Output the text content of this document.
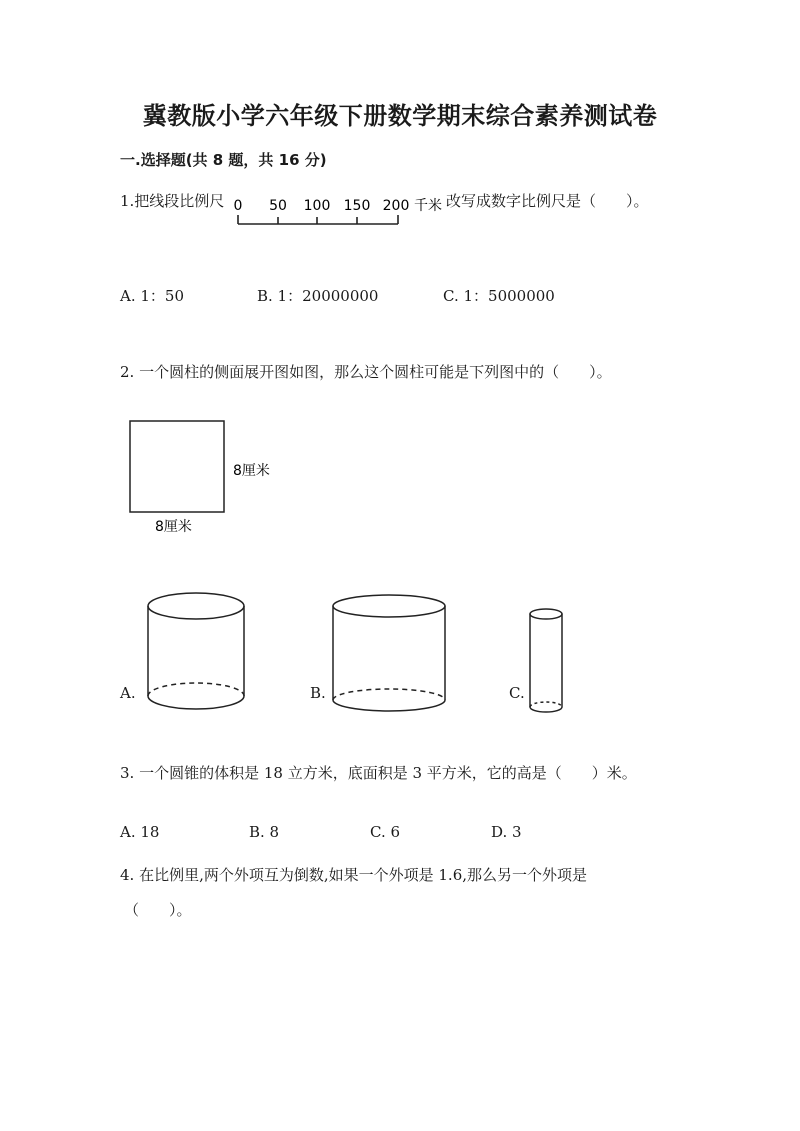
冀教版小学六年级下册数学期末综合素养测试卷
一.选择题(共 8 题，共 16 分)
1.把线段比例尺 0 50 100 150 200 千米 改写成数字比例尺是（　　）。
A. 1：50	B. 1：20000000	C. 1：5000000
2. 一个圆柱的侧面展开图如图，那么这个圆柱可能是下列图中的（　　）。
8厘米
8厘米
A.	B.	C.
3. 一个圆锥的体积是 18 立方米，底面积是 3 平方米，它的高是（　　）米。
A. 18	B. 8	C. 6	D. 3
4. 在比例里,两个外项互为倒数,如果一个外项是 1.6,那么另一个外项是
（　　）。
